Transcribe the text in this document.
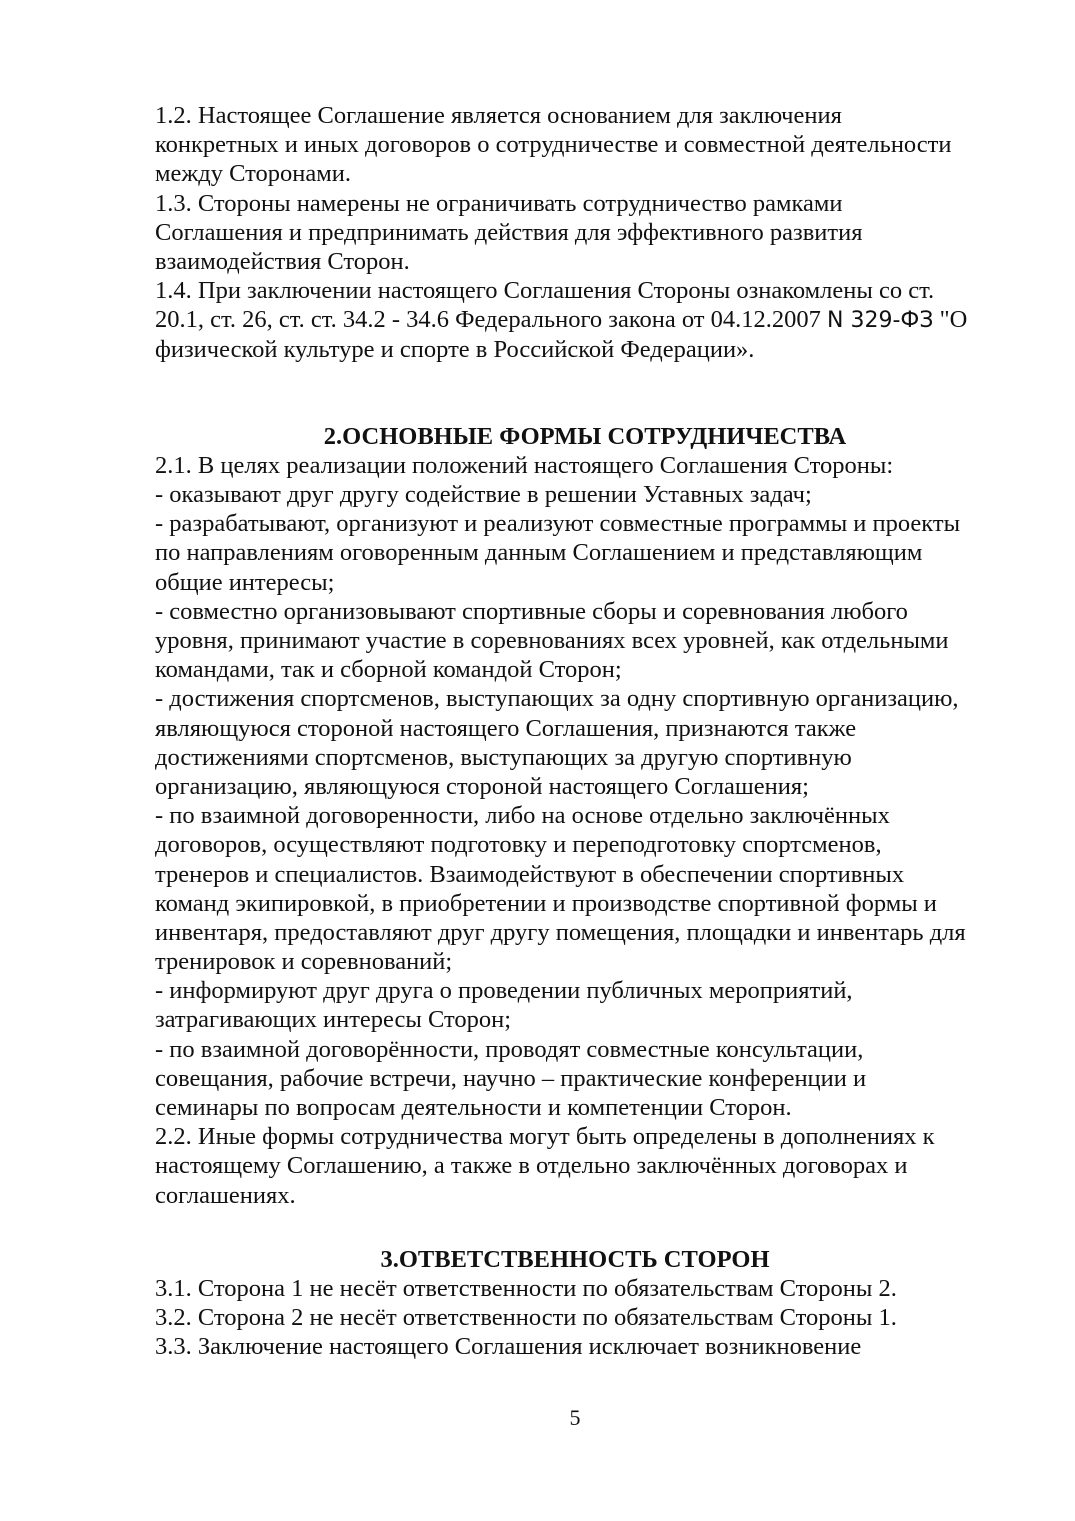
1.2. Настоящее Соглашение является основанием для заключения
конкретных и иных договоров о сотрудничестве и совместной деятельности
между Сторонами.
1.3. Стороны намерены не ограничивать сотрудничество рамками
Соглашения и предпринимать действия для эффективного развития
взаимодействия Сторон.
1.4. При заключении настоящего Соглашения Стороны ознакомлены со ст.
20.1, ст. 26, ст. ст. 34.2 - 34.6 Федерального закона от 04.12.2007 N 329-ФЗ "О
физической культуре и спорте в Российской Федерации».
2.ОСНОВНЫЕ ФОРМЫ СОТРУДНИЧЕСТВА
2.1. В целях реализации положений настоящего Соглашения Стороны:
- оказывают друг другу содействие в решении Уставных задач;
- разрабатывают, организуют и реализуют совместные программы и проекты
по направлениям оговоренным данным Соглашением и представляющим
общие интересы;
- совместно организовывают спортивные сборы и соревнования любого
уровня, принимают участие в соревнованиях всех уровней, как отдельными
командами, так и сборной командой Сторон;
- достижения спортсменов, выступающих за одну спортивную организацию,
являющуюся стороной настоящего Соглашения, признаются также
достижениями спортсменов, выступающих за другую спортивную
организацию, являющуюся стороной настоящего Соглашения;
- по взаимной договоренности, либо на основе отдельно заключённых
договоров, осуществляют подготовку и переподготовку спортсменов,
тренеров и специалистов. Взаимодействуют в обеспечении спортивных
команд экипировкой, в приобретении и производстве спортивной формы и
инвентаря, предоставляют друг другу помещения, площадки и инвентарь для
тренировок и соревнований;
- информируют друг друга о проведении публичных мероприятий,
затрагивающих интересы Сторон;
- по взаимной договорённости, проводят совместные консультации,
совещания, рабочие встречи, научно – практические конференции и
семинары по вопросам деятельности и компетенции Сторон.
2.2. Иные формы сотрудничества могут быть определены в дополнениях к
настоящему Соглашению, а также в отдельно заключённых договорах и
соглашениях.
3.ОТВЕТСТВЕННОСТЬ СТОРОН
3.1. Сторона 1 не несёт ответственности по обязательствам Стороны 2.
3.2. Сторона 2 не несёт ответственности по обязательствам Стороны 1.
3.3. Заключение настоящего Соглашения исключает возникновение
5
